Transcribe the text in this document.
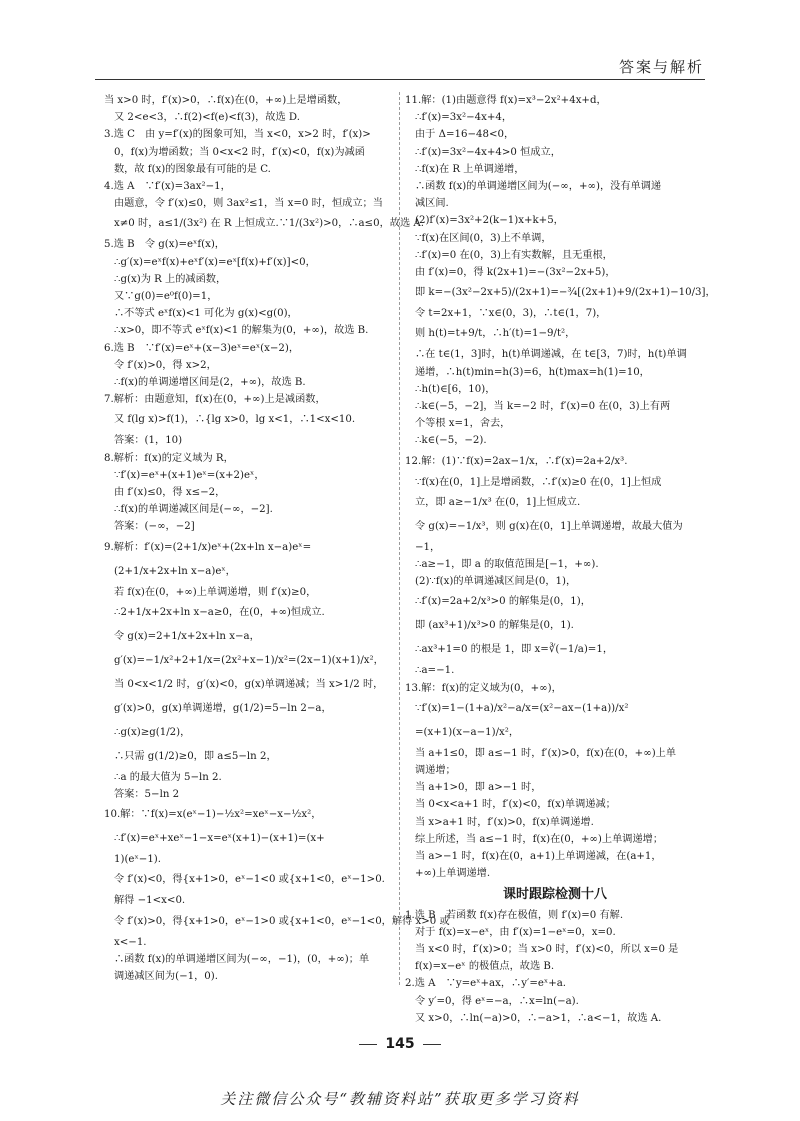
答案与解析
当 x>0 时，f′(x)>0，∴f(x)在(0，+∞)上是增函数，
又 2<e<3，∴f(2)<f(e)<f(3)，故选 D.
3.选 C　由 y=f′(x)的图象可知，当 x<0，x>2 时，f′(x)>
0，f(x)为增函数；当 0<x<2 时，f′(x)<0，f(x)为减函
数，故 f(x)的图象最有可能的是 C.
4.选 A　∵f′(x)=3ax²−1，
由题意，令 f′(x)≤0，则 3ax²≤1，当 x=0 时，恒成立；当
x≠0 时，a≤1/(3x²) 在 R 上恒成立.∵1/(3x²)>0，∴a≤0，故选 A.
5.选 B　令 g(x)=eˣf(x)，
∴g′(x)=eˣf(x)+eˣf′(x)=eˣ[f(x)+f′(x)]<0，
∴g(x)为 R 上的减函数，
又∵g(0)=e⁰f(0)=1，
∴不等式 eˣf(x)<1 可化为 g(x)<g(0)，
∴x>0，即不等式 eˣf(x)<1 的解集为(0，+∞)，故选 B.
6.选 B　∵f′(x)=eˣ+(x−3)eˣ=eˣ(x−2)，
令 f′(x)>0，得 x>2，
∴f(x)的单调递增区间是(2，+∞)，故选 B.
7.解析：由题意知，f(x)在(0，+∞)上是减函数，
又 f(lg x)>f(1)，∴{lg x>0，lg x<1，∴1<x<10.
答案：(1，10)
8.解析：f(x)的定义域为 R，
∵f′(x)=eˣ+(x+1)eˣ=(x+2)eˣ，
由 f′(x)≤0，得 x≤−2，
∴f(x)的单调递减区间是(−∞，−2].
答案：(−∞，−2]
9.解析：f′(x)=(2+1/x)eˣ+(2x+ln x−a)eˣ=
(2+1/x+2x+ln x−a)eˣ，
若 f(x)在(0，+∞)上单调递增，则 f′(x)≥0，
∴2+1/x+2x+ln x−a≥0，在(0，+∞)恒成立.
令 g(x)=2+1/x+2x+ln x−a，
g′(x)=−1/x²+2+1/x=(2x²+x−1)/x²=(2x−1)(x+1)/x²，
当 0<x<1/2 时，g′(x)<0，g(x)单调递减；当 x>1/2 时，
g′(x)>0，g(x)单调递增，g(1/2)=5−ln 2−a，
∴g(x)≥g(1/2)，
∴只需 g(1/2)≥0，即 a≤5−ln 2，
∴a 的最大值为 5−ln 2.
答案：5−ln 2
10.解：∵f(x)=x(eˣ−1)−½x²=xeˣ−x−½x²，
∴f′(x)=eˣ+xeˣ−1−x=eˣ(x+1)−(x+1)=(x+
1)(eˣ−1).
令 f′(x)<0，得{x+1>0，eˣ−1<0 或{x+1<0，eˣ−1>0.
解得 −1<x<0.
令 f′(x)>0，得{x+1>0，eˣ−1>0 或{x+1<0，eˣ−1<0，解得 x>0 或
x<−1.
∴函数 f(x)的单调递增区间为(−∞，−1)，(0，+∞)；单
调递减区间为(−1，0).
11.解：(1)由题意得 f(x)=x³−2x²+4x+d，
∴f′(x)=3x²−4x+4，
由于 Δ=16−48<0，
∴f′(x)=3x²−4x+4>0 恒成立，
∴f(x)在 R 上单调递增，
∴函数 f(x)的单调递增区间为(−∞，+∞)，没有单调递
减区间.
(2)f′(x)=3x²+2(k−1)x+k+5，
∵f(x)在区间(0，3)上不单调，
∴f′(x)=0 在(0，3)上有实数解，且无重根，
由 f′(x)=0，得 k(2x+1)=−(3x²−2x+5)，
即 k=−(3x²−2x+5)/(2x+1)=−¾[(2x+1)+9/(2x+1)−10/3]，
令 t=2x+1，∵x∈(0，3)，∴t∈(1，7)，
则 h(t)=t+9/t，∴h′(t)=1−9/t²，
∴在 t∈(1，3]时，h(t)单调递减，在 t∈[3，7)时，h(t)单调
递增，∴h(t)min=h(3)=6，h(t)max=h(1)=10，
∴h(t)∈[6，10)，
∴k∈(−5，−2]，当 k=−2 时，f′(x)=0 在(0，3)上有两
个等根 x=1，舍去，
∴k∈(−5，−2).
12.解：(1)∵f(x)=2ax−1/x，∴f′(x)=2a+2/x³.
∵f(x)在(0，1]上是增函数，∴f′(x)≥0 在(0，1]上恒成
立，即 a≥−1/x³ 在(0，1]上恒成立.
令 g(x)=−1/x³，则 g(x)在(0，1]上单调递增，故最大值为
−1，
∴a≥−1，即 a 的取值范围是[−1，+∞).
(2)∵f(x)的单调递减区间是(0，1)，
∴f′(x)=2a+2/x³>0 的解集是(0，1)，
即 (ax³+1)/x³>0 的解集是(0，1).
∴ax³+1=0 的根是 1，即 x=∛(−1/a)=1，
∴a=−1.
13.解：f(x)的定义域为(0，+∞)，
∵f′(x)=1−(1+a)/x²−a/x=(x²−ax−(1+a))/x²
=(x+1)(x−a−1)/x²，
当 a+1≤0，即 a≤−1 时，f′(x)>0，f(x)在(0，+∞)上单
调递增；
当 a+1>0，即 a>−1 时，
当 0<x<a+1 时，f′(x)<0，f(x)单调递减；
当 x>a+1 时，f′(x)>0，f(x)单调递增.
综上所述，当 a≤−1 时，f(x)在(0，+∞)上单调递增；
当 a>−1 时，f(x)在(0，a+1)上单调递减，在(a+1，
+∞)上单调递增.
课时跟踪检测十八
1.选 B　若函数 f(x)存在极值，则 f′(x)=0 有解.
对于 f(x)=x−eˣ，由 f′(x)=1−eˣ=0，x=0.
当 x<0 时，f′(x)>0；当 x>0 时，f′(x)<0，所以 x=0 是
f(x)=x−eˣ 的极值点，故选 B.
2.选 A　∵y=eˣ+ax，∴y′=eˣ+a.
令 y′=0，得 eˣ=−a，∴x=ln(−a).
又 x>0，∴ln(−a)>0，∴−a>1，∴a<−1，故选 A.
145
关注微信公众号“教辅资料站”获取更多学习资料
